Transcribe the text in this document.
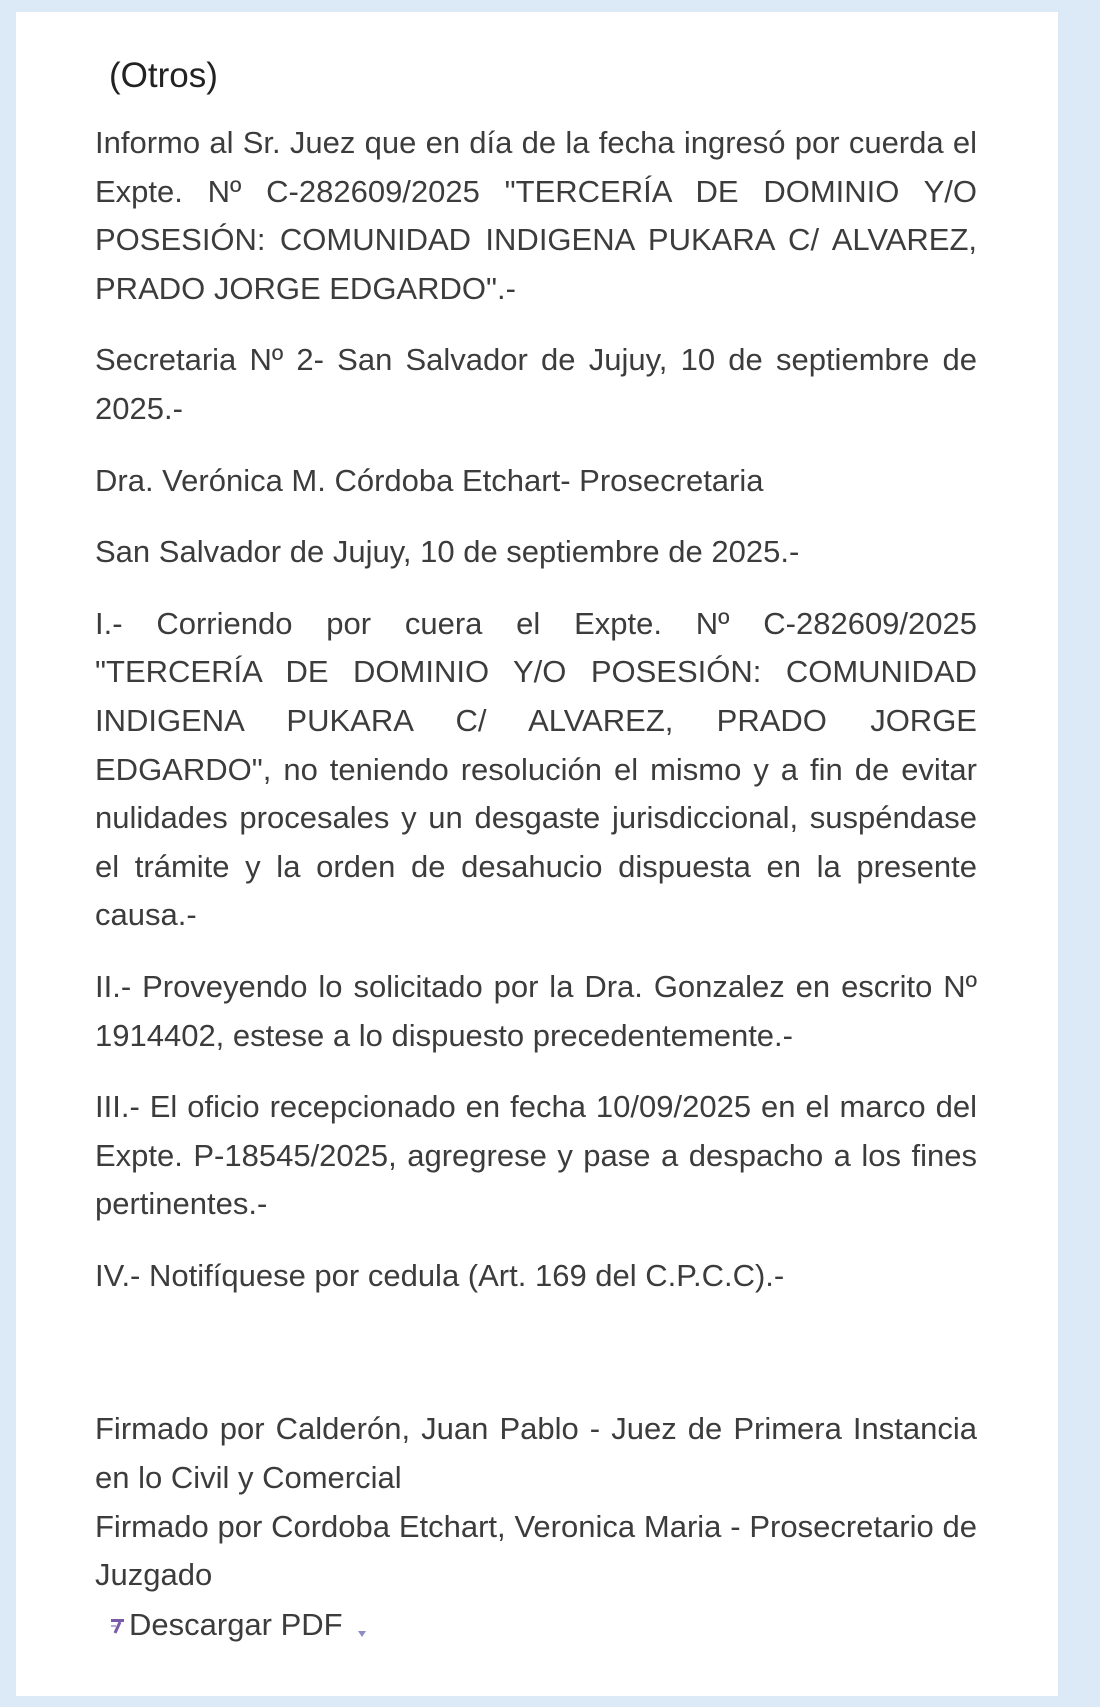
(Otros)

Informo al Sr. Juez que en día de la fecha ingresó por cuerda el Expte. Nº C-282609/2025 "TERCERÍA DE DOMINIO Y/O POSESIÓN: COMUNIDAD INDIGENA PUKARA C/ ALVAREZ, PRADO JORGE EDGARDO".-

Secretaria Nº 2- San Salvador de Jujuy, 10 de septiembre de 2025.-

Dra. Verónica M. Córdoba Etchart- Prosecretaria

San Salvador de Jujuy, 10 de septiembre de 2025.-

I.- Corriendo por cuera el Expte. Nº C-282609/2025 "TERCERÍA DE DOMINIO Y/O POSESIÓN: COMUNIDAD INDIGENA PUKARA C/ ALVAREZ, PRADO JORGE EDGARDO", no teniendo resolución el mismo y a fin de evitar nulidades procesales y un desgaste jurisdiccional, suspéndase el trámite y la orden de desahucio dispuesta en la presente causa.-

II.- Proveyendo lo solicitado por la Dra. Gonzalez en escrito Nº 1914402, estese a lo dispuesto precedentemente.-

III.- El oficio recepcionado en fecha 10/09/2025 en el marco del Expte. P-18545/2025, agregrese y pase a despacho a los fines pertinentes.-

IV.- Notifíquese por cedula (Art. 169 del C.P.C.C).-

Firmado por Calderón, Juan Pablo - Juez de Primera Instancia en lo Civil y Comercial

Firmado por Cordoba Etchart, Veronica Maria - Prosecretario de Juzgado

Descargar PDF
